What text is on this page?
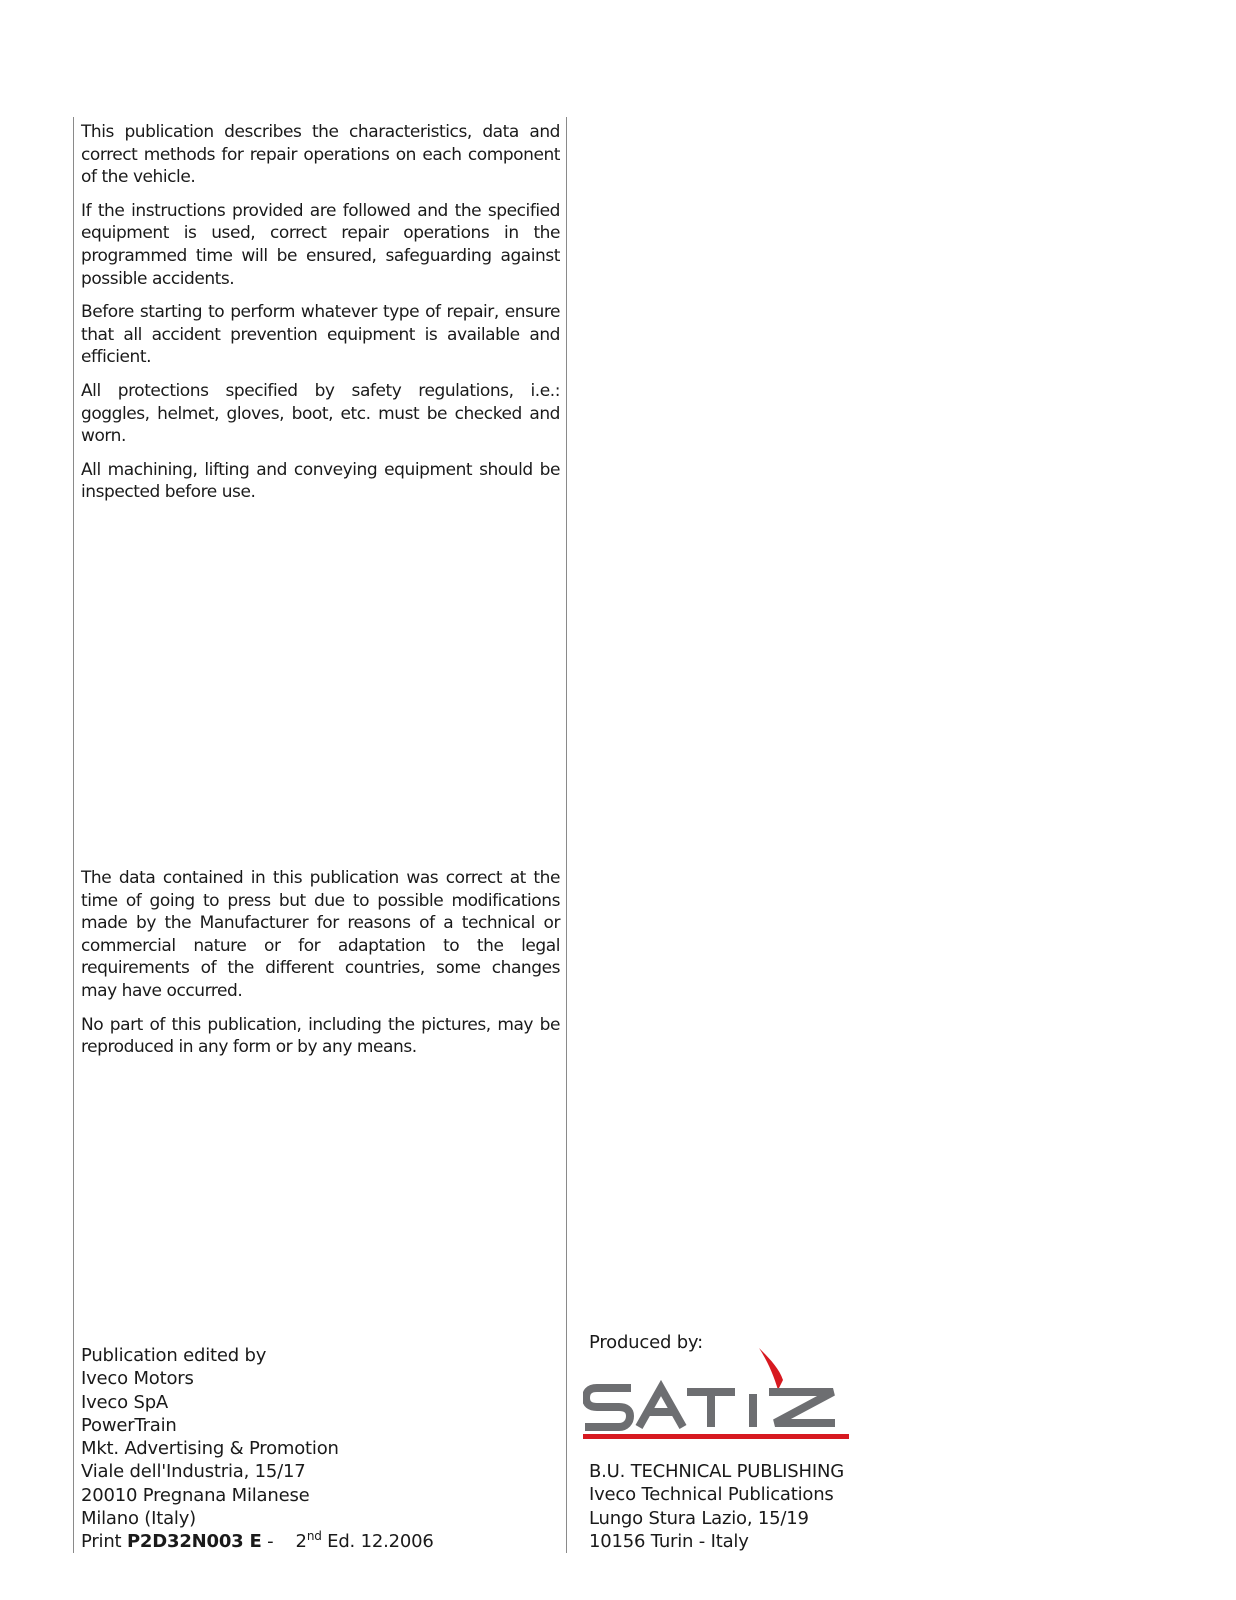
This publication describes the characteristics, data and correct methods for repair operations on each component of the vehicle.

If the instructions provided are followed and the specified equipment is used, correct repair operations in the programmed time will be ensured, safeguarding against possible accidents.

Before starting to perform whatever type of repair, ensure that all accident prevention equipment is available and efficient.

All protections specified by safety regulations, i.e.: goggles, helmet, gloves, boot, etc. must be checked and worn.

All machining, lifting and conveying equipment should be inspected before use.

The data contained in this publication was correct at the time of going to press but due to possible modifications made by the Manufacturer for reasons of a technical or commercial nature or for adaptation to the legal requirements of the different countries, some changes may have occurred.

No part of this publication, including the pictures, may be reproduced in any form or by any means.

Publication edited by
Iveco Motors
Iveco SpA
PowerTrain
Mkt. Advertising & Promotion
Viale dell'Industria, 15/17
20010 Pregnana Milanese
Milano (Italy)
Print P2D32N003 E -    2nd Ed. 12.2006
Produced by:
B.U. TECHNICAL PUBLISHING
Iveco Technical Publications
Lungo Stura Lazio, 15/19
10156 Turin - Italy
